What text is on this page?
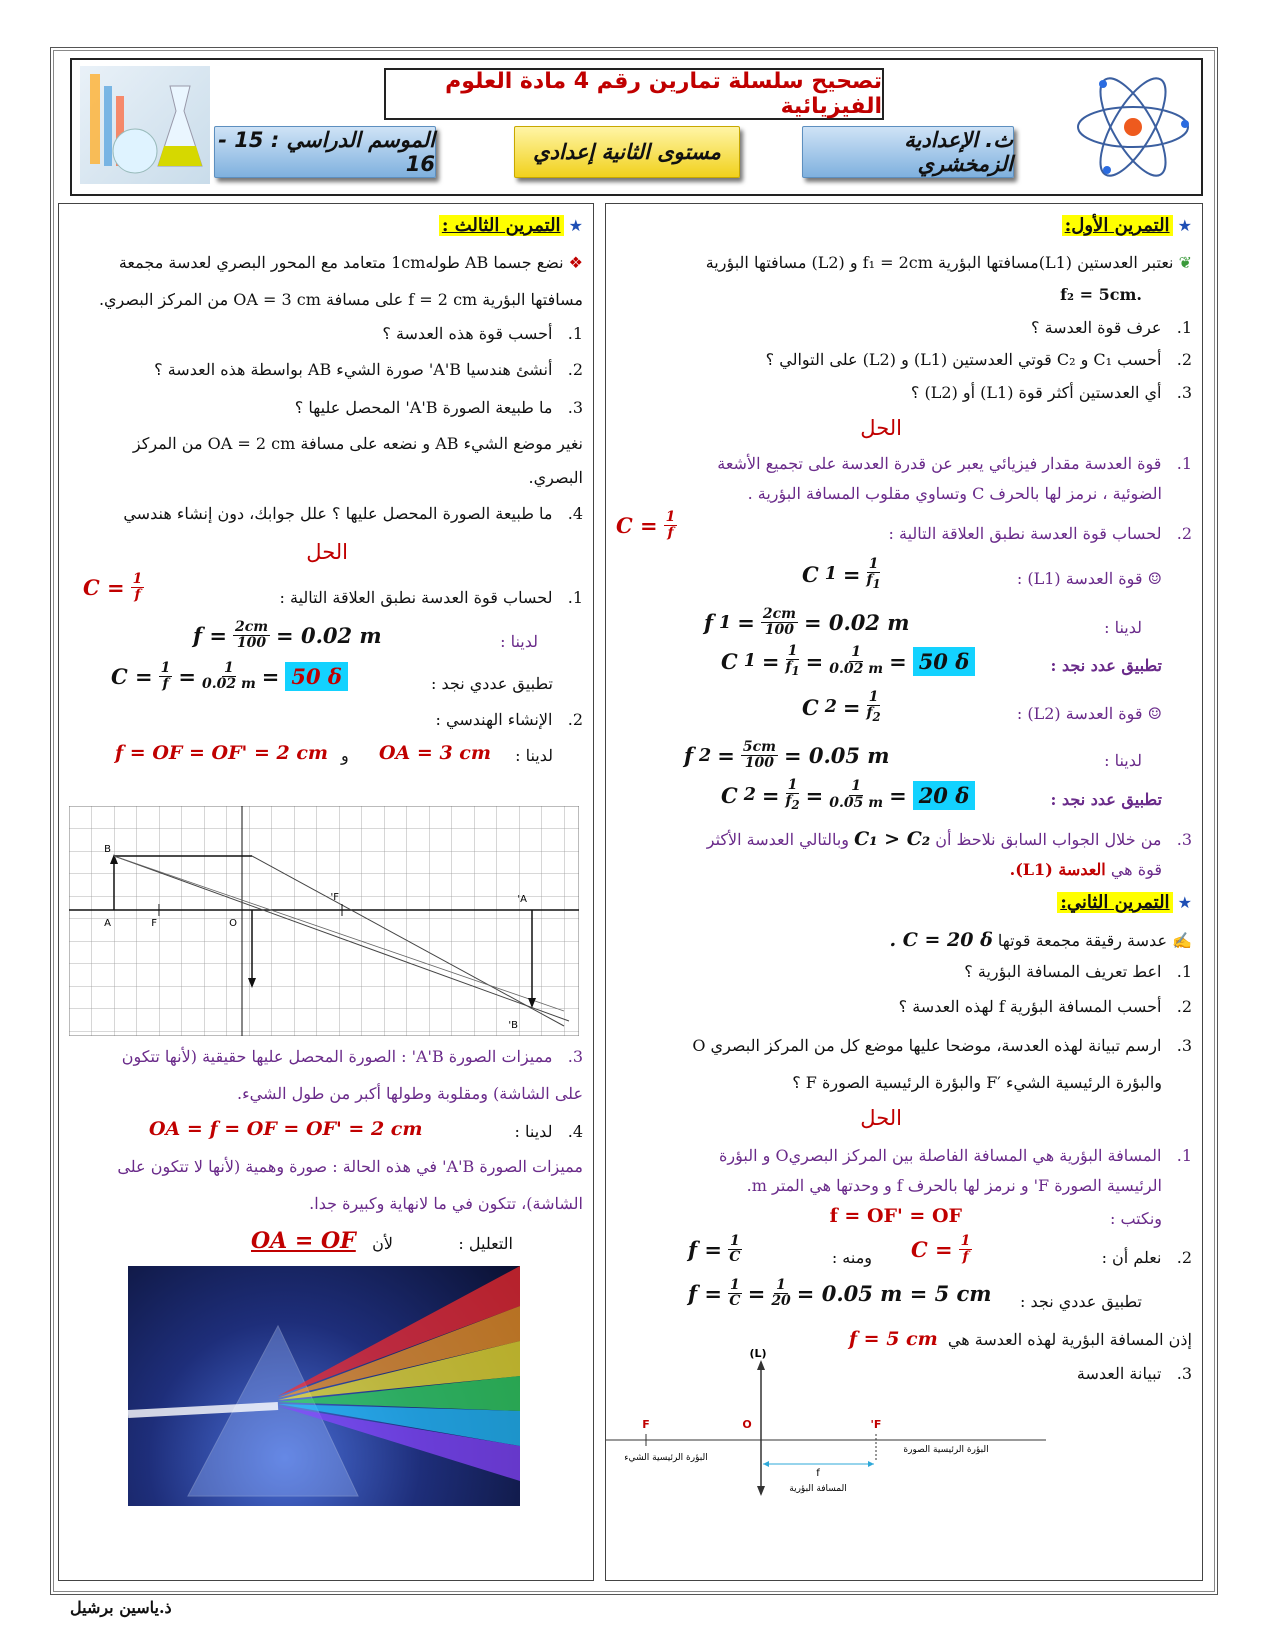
تصحيح سلسلة تمارين رقم 4 مادة العلوم الفيزيائية
الموسم الدراسي : 15 - 16	مستوى الثانية إعدادي	ث. الإعدادية الزمخشري
★ التمرين الأول:
❦ نعتبر العدستين (L1)مسافتها البؤرية f₁ = 2cm و (L2) مسافتها البؤرية
.f₂ = 5cm
1.   عرف قوة العدسة ؟
2.   أحسب C₁ و C₂ قوتي العدستين (L1) و (L2) على التوالي ؟
3.   أي العدستين أكثر قوة (L1) أو (L2) ؟
الحل
1.   قوة العدسة مقدار فيزيائي يعبر عن قدرة العدسة على تجميع الأشعة
الضوئية ، نرمز لها بالحرف C وتساوي مقلوب المسافة البؤرية .
2.   لحساب قوة العدسة نطبق العلاقة التالية :
$C = \frac{1}{f}$
☺ قوة العدسة (L1) :
C $1 = \frac{1}{f_1}$
لدينا :
f $1 = \frac{2cm}{100} = 0.02$ m
تطبيق عدد نجد :
C $1 = \frac{1}{f_1} = \frac{1}{0.02 m} = 50$ δ
☺ قوة العدسة (L2) :
C $2 = \frac{1}{f_2}$
لدينا :
f $2 = \frac{5cm}{100} = 0.05$ m
تطبيق عدد نجد :
C $2 = \frac{1}{f_2} = \frac{1}{0.05 m} = 20$ δ
3.   من خلال الجواب السابق نلاحظ أن C₁ > C₂ وبالتالي العدسة الأكثر
قوة هي العدسة (L1).
★ التمرين الثاني:
✍ عدسة رقيقة مجمعة قوتها C = 20 δ .
1.   اعط تعريف المسافة البؤرية ؟
2.   أحسب المسافة البؤرية f لهذه العدسة ؟
3.   ارسم تبيانة لهذه العدسة، موضحا عليها موضع كل من المركز البصري O
والبؤرة الرئيسية الشيء ′F والبؤرة الرئيسية الصورة F ؟
الحل
1.   المسافة البؤرية هي المسافة الفاصلة بين المركز البصريO و البؤرة
الرئيسية الصورة F' و نرمز لها بالحرف f و وحدتها هي المتر m.
ونكتب :
f = OF' = OF
2.   نعلم أن :
$C = \frac{1}{f}$
ومنه :
$f = \frac{1}{C}$
تطبيق عددي نجد :
$f = \frac{1}{C} = \frac{1}{20} = 0.05$ m = 5 cm
إذن المسافة البؤرية لهذه العدسة هي  f = 5 cm
3.   تبيانة العدسة
(L)
F	O	F'
f
المسافة البؤرية
البؤرة الرئيسية الشيء
البؤرة الرئيسية الصورة
★ التمرين الثالث :
❖ نضع جسما AB طوله1cm متعامد مع المحور البصري لعدسة مجمعة
مسافتها البؤرية f = 2 cm على مسافة OA = 3 cm من المركز البصري.
1.   أحسب قوة هذه العدسة ؟
2.   أنشئ هندسيا A'B' صورة الشيء AB بواسطة هذه العدسة ؟
3.   ما طبيعة الصورة A'B' المحصل عليها ؟
نغير موضع الشيء AB و نضعه على مسافة OA = 2 cm من المركز
البصري.
4.   ما طبيعة الصورة المحصل عليها ؟ علل جوابك، دون إنشاء هندسي
الحل
1.   لحساب قوة العدسة نطبق العلاقة التالية :
$C = \frac{1}{f}$
لدينا :
$f = \frac{2cm}{100} = 0.02$ m
تطبيق عددي نجد :
$C = \frac{1}{f} = \frac{1}{0.02 m} = 50$ δ
2.   الإنشاء الهندسي :
لدينا :
OA = 3 cm
و
f = OF = OF' = 2 cm
B
A	F	O
F'	A'
B'
3.   مميزات الصورة A'B' : الصورة المحصل عليها حقيقية (لأنها تتكون
على الشاشة) ومقلوبة وطولها أكبر من طول الشيء.
4.   لدينا :
OA = f = OF = OF' = 2 cm
مميزات الصورة A'B' في هذه الحالة : صورة وهمية (لأنها لا تتكون على
الشاشة)، تتكون في ما لانهاية وكبيرة جدا.
التعليل :
لأن
OA = OF
ذ.ياسين برشيل
